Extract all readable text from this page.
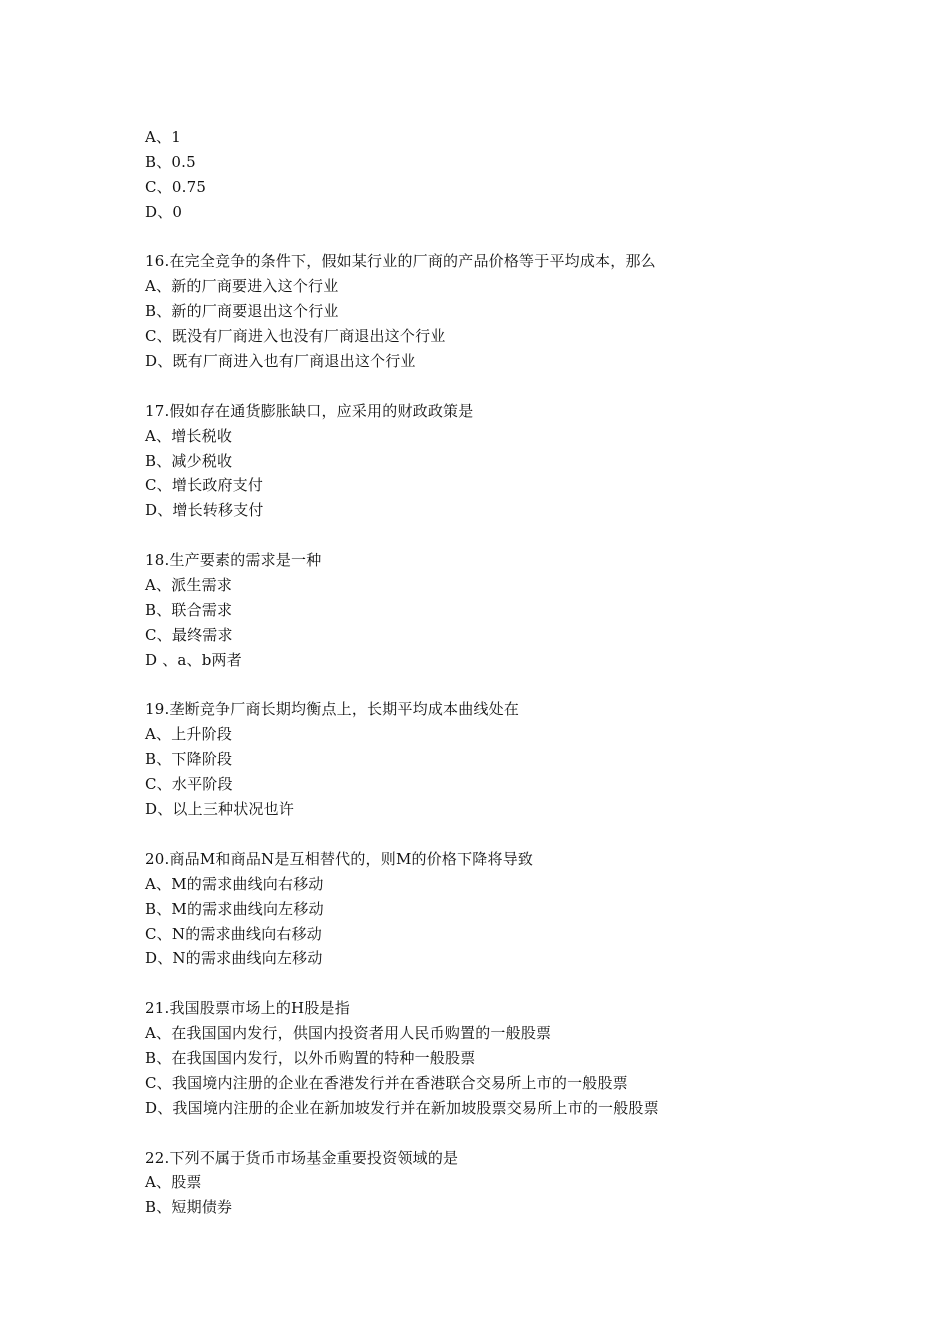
A、1
B、0.5
C、0.75
D、0
16.在完全竞争的条件下，假如某行业的厂商的产品价格等于平均成本，那么
A、新的厂商要进入这个行业
B、新的厂商要退出这个行业
C、既没有厂商进入也没有厂商退出这个行业
D、既有厂商进入也有厂商退出这个行业
17.假如存在通货膨胀缺口，应采用的财政政策是
A、增长税收
B、减少税收
C、增长政府支付
D、增长转移支付
18.生产要素的需求是一种
A、派生需求
B、联合需求
C、最终需求
D 、a、b两者
19.垄断竞争厂商长期均衡点上，长期平均成本曲线处在
A、上升阶段
B、下降阶段
C、水平阶段
D、以上三种状况也许
20.商品M和商品N是互相替代的，则M的价格下降将导致
A、M的需求曲线向右移动
B、M的需求曲线向左移动
C、N的需求曲线向右移动
D、N的需求曲线向左移动
21.我国股票市场上的H股是指
A、在我国国内发行，供国内投资者用人民币购置的一般股票
B、在我国国内发行，以外币购置的特种一般股票
C、我国境内注册的企业在香港发行并在香港联合交易所上市的一般股票
D、我国境内注册的企业在新加坡发行并在新加坡股票交易所上市的一般股票
22.下列不属于货币市场基金重要投资领域的是
A、股票
B、短期债券
